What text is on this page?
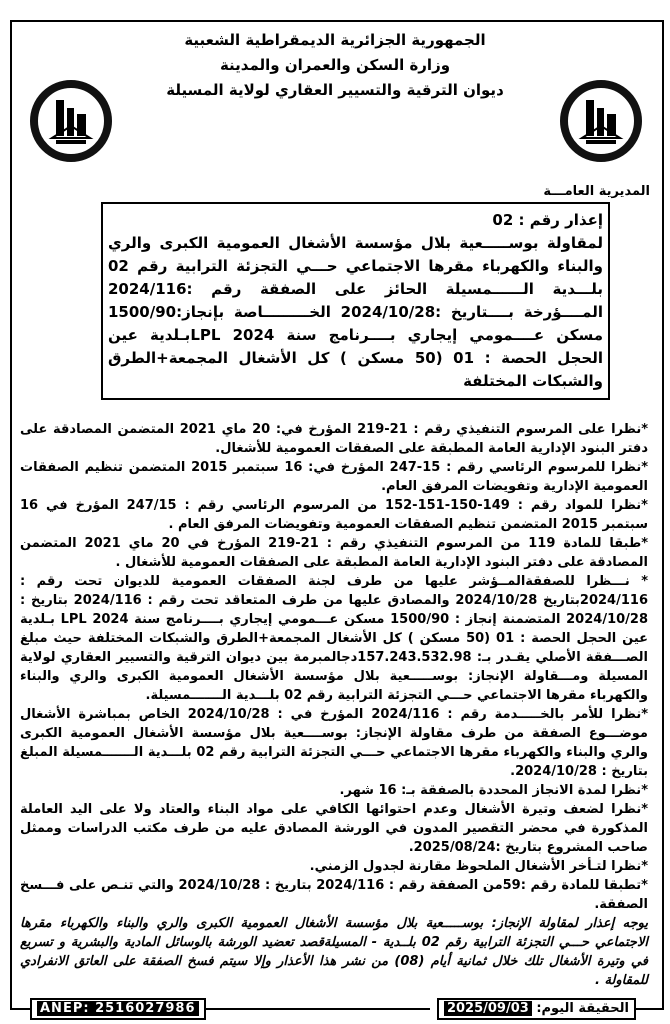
الجمهورية الجزائرية الديمقراطية الشعبية
وزارة السكن والعمران والمدينة
ديوان الترقية والتسيير العقاري لولاية المسيلة
المديرية العامـــة
إعذار رقم : 02
لمقاولة بوســـــعية بلال مؤسسة الأشغال العمومية الكبرى والري والبناء والكهرباء مقرها الاجتماعي حـــي التجزئة الترابية رقم 02 بلـــدية الــــــمسيلة الحائز على الصفقة رقم :2024/116 المــــؤرخة بــــتاريخ :2024/10/28 الخـــــــــاصة بإنجاز:1500/90 مسكن عــــمومي إيجاري بــــرنامج سنة 2024 LPLبـلدية عين الحجل الحصة : 01 (50 مسكن ) كل الأشغال المجمعة+الطرق والشبكات المختلفة

*نظرا على المرسوم التنفيذي رقم : 21-219 المؤرخ في: 20 ماي 2021 المتضمن المصادقة على دفتر البنود الإدارية العامة المطبقة على الصفقات العمومية للأشغال.

*نظرا للمرسوم الرئاسي رقم : 15-247 المؤرخ في: 16 سبتمبر 2015 المتضمن تنظيم الصفقات العمومية الإدارية وتفويضات المرفق العام.

*نظرا للمواد رقم : 149-150-151-152 من المرسوم الرئاسي رقم : 247/15 المؤرخ في 16 سبتمبر 2015 المتضمن تنظيم الصفقات العمومية وتفويضات المرفق العام .

*طبقا للمادة 119 من المرسوم التنفيذي رقم : 21-219 المؤرخ في 20 ماي 2021 المتضمن المصادقة على دفتر البنود الإدارية العامة المطبقة على الصفقات العمومية للأشغال .

* نـــظرا للصفقةالمــؤشر عليها من طرف لجنة الصفقات العمومية للديوان تحت رقم : 2024/116بتاريخ 2024/10/28 والمصادق عليها من طرف المتعاقد تحت رقم : 2024/116 بتاريخ : 2024/10/28 المتضمنة إنجاز : 1500/90 مسكن عـــمومي إيجاري بــــرنامج سنة 2024 LPL بـلدية عين الحجل الحصة : 01 (50 مسكن ) كل الأشغال المجمعة+الطرق والشبكات المختلفة حيث مبلغ الصـــفقة الأصلي يقـدر بـ: 157.243.532.98دجالمبرمة بين ديوان الترقية والتسيير العقاري لولاية المسيلة ومـــقاولة الإنجاز: بوســـــعية بلال مؤسسة الأشغال العمومية الكبرى والري والبناء والكهرباء مقرها الاجتماعي حـــي التجزئة الترابية رقم 02 بلـــدية الـــــــمسيلة.

*نظرا للأمر بالخـــــدمة رقم : 2024/116 المؤرخ في : 2024/10/28 الخاص بمباشرة الأشغال موضـــوع الصفقة من طرف مقاولة الإنجاز: بوســــعية بلال مؤسسة الأشغال العمومية الكبرى والري والبناء والكهرباء مقرها الاجتماعي حـــي التجزئة الترابية رقم 02 بلـــدية الـــــــمسيلة المبلغ بتاريخ : 2024/10/28.

*نظرا لمدة الانجاز المحددة بالصفقة بـ: 16 شهر.

*نظرا لضعف وتيرة الأشغال وعدم احتوائها الكافي على مواد البناء والعتاد ولا على اليد العاملة المذكورة في محضر التقصير المدون في الورشة المصادق عليه من طرف مكتب الدراسات وممثل صاحب المشروع بتاريخ :2025/08/24.

*نظرا لتـأخر الأشغال الملحوظ مقارنة لجدول الزمني.

*تطبقا للمادة رقم :59من الصفقة رقم : 2024/116 بتاريخ : 2024/10/28 والتي تنـص على فـــسخ الصفقة.

يوجه إعذار لمقاولة الإنجاز: بوســـــعية بلال مؤسسة الأشغال العمومية الكبرى والري والبناء والكهرباء مقرها الاجتماعي حـــي التجزئة الترابية رقم 02 بلــدية - المسيلةقصد تعضيد الورشة بالوسائل المادية والبشرية و تسريع في وتيرة الأشغال تلك خلال ثمانية أيام (08) من نشر هذا الأعذار وإلا سيتم فسخ الصفقة على العاتق الانفرادي للمقاولة .

ANEP: 2516027986	الحقيقة اليوم: 2025/09/03
